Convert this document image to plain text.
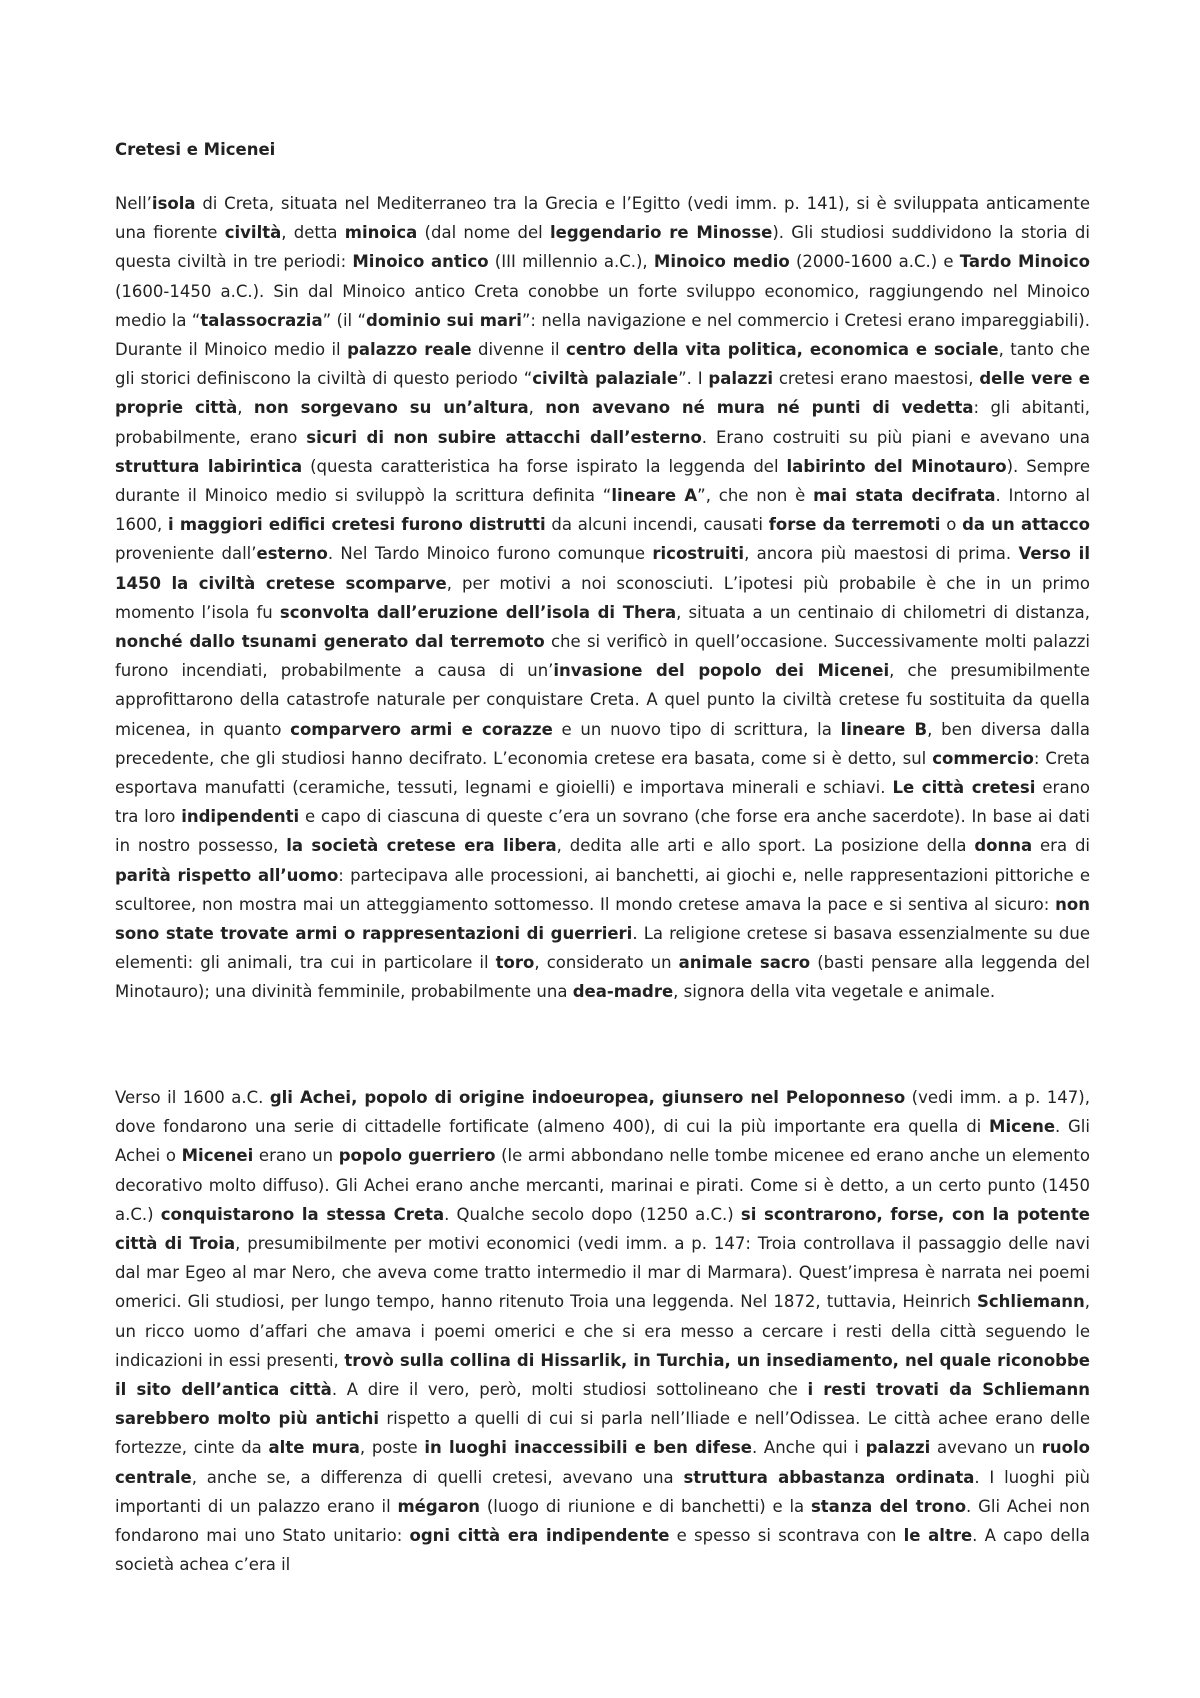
Cretesi e Micenei

Nell’isola di Creta, situata nel Mediterraneo tra la Grecia e l’Egitto (vedi imm. p. 141), si è sviluppata anticamente una fiorente civiltà, detta minoica (dal nome del leggendario re Minosse). Gli studiosi suddividono la storia di questa civiltà in tre periodi: Minoico antico (III millennio a.C.), Minoico medio (2000-1600 a.C.) e Tardo Minoico (1600-1450 a.C.). Sin dal Minoico antico Creta conobbe un forte sviluppo economico, raggiungendo nel Minoico medio la “talassocrazia” (il “dominio sui mari”: nella navigazione e nel commercio i Cretesi erano impareggiabili). Durante il Minoico medio il palazzo reale divenne il centro della vita politica, economica e sociale, tanto che gli storici definiscono la civiltà di questo periodo “civiltà palaziale”. I palazzi cretesi erano maestosi, delle vere e proprie città, non sorgevano su un’altura, non avevano né mura né punti di vedetta: gli abitanti, probabilmente, erano sicuri di non subire attacchi dall’esterno. Erano costruiti su più piani e avevano una struttura labirintica (questa caratteristica ha forse ispirato la leggenda del labirinto del Minotauro). Sempre durante il Minoico medio si sviluppò la scrittura definita “lineare A”, che non è mai stata decifrata. Intorno al 1600, i maggiori edifici cretesi furono distrutti da alcuni incendi, causati forse da terremoti o da un attacco proveniente dall’esterno. Nel Tardo Minoico furono comunque ricostruiti, ancora più maestosi di prima. Verso il 1450 la civiltà cretese scomparve, per motivi a noi sconosciuti. L’ipotesi più probabile è che in un primo momento l’isola fu sconvolta dall’eruzione dell’isola di Thera, situata a un centinaio di chilometri di distanza, nonché dallo tsunami generato dal terremoto che si verificò in quell’occasione. Successivamente molti palazzi furono incendiati, probabilmente a causa di un’invasione del popolo dei Micenei, che presumibilmente approfittarono della catastrofe naturale per conquistare Creta. A quel punto la civiltà cretese fu sostituita da quella micenea, in quanto comparvero armi e corazze e un nuovo tipo di scrittura, la lineare B, ben diversa dalla precedente, che gli studiosi hanno decifrato. L’economia cretese era basata, come si è detto, sul commercio: Creta esportava manufatti (ceramiche, tessuti, legnami e gioielli) e importava minerali e schiavi. Le città cretesi erano tra loro indipendenti e capo di ciascuna di queste c’era un sovrano (che forse era anche sacerdote). In base ai dati in nostro possesso, la società cretese era libera, dedita alle arti e allo sport. La posizione della donna era di parità rispetto all’uomo: partecipava alle processioni, ai banchetti, ai giochi e, nelle rappresentazioni pittoriche e scultoree, non mostra mai un atteggiamento sottomesso. Il mondo cretese amava la pace e si sentiva al sicuro: non sono state trovate armi o rappresentazioni di guerrieri. La religione cretese si basava essenzialmente su due elementi: gli animali, tra cui in particolare il toro, considerato un animale sacro (basti pensare alla leggenda del Minotauro); una divinità femminile, probabilmente una dea-madre, signora della vita vegetale e animale.

Verso il 1600 a.C. gli Achei, popolo di origine indoeuropea, giunsero nel Peloponneso (vedi imm. a p. 147), dove fondarono una serie di cittadelle fortificate (almeno 400), di cui la più importante era quella di Micene. Gli Achei o Micenei erano un popolo guerriero (le armi abbondano nelle tombe micenee ed erano anche un elemento decorativo molto diffuso). Gli Achei erano anche mercanti, marinai e pirati. Come si è detto, a un certo punto (1450 a.C.) conquistarono la stessa Creta. Qualche secolo dopo (1250 a.C.) si scontrarono, forse, con la potente città di Troia, presumibilmente per motivi economici (vedi imm. a p. 147: Troia controllava il passaggio delle navi dal mar Egeo al mar Nero, che aveva come tratto intermedio il mar di Marmara). Quest’impresa è narrata nei poemi omerici. Gli studiosi, per lungo tempo, hanno ritenuto Troia una leggenda. Nel 1872, tuttavia, Heinrich Schliemann, un ricco uomo d’affari che amava i poemi omerici e che si era messo a cercare i resti della città seguendo le indicazioni in essi presenti, trovò sulla collina di Hissarlik, in Turchia, un insediamento, nel quale riconobbe il sito dell’antica città. A dire il vero, però, molti studiosi sottolineano che i resti trovati da Schliemann sarebbero molto più antichi rispetto a quelli di cui si parla nell’Iliade e nell’Odissea. Le città achee erano delle fortezze, cinte da alte mura, poste in luoghi inaccessibili e ben difese. Anche qui i palazzi avevano un ruolo centrale, anche se, a differenza di quelli cretesi, avevano una struttura abbastanza ordinata. I luoghi più importanti di un palazzo erano il mégaron (luogo di riunione e di banchetti) e la stanza del trono. Gli Achei non fondarono mai uno Stato unitario: ogni città era indipendente e spesso si scontrava con le altre. A capo della società achea c’era il
